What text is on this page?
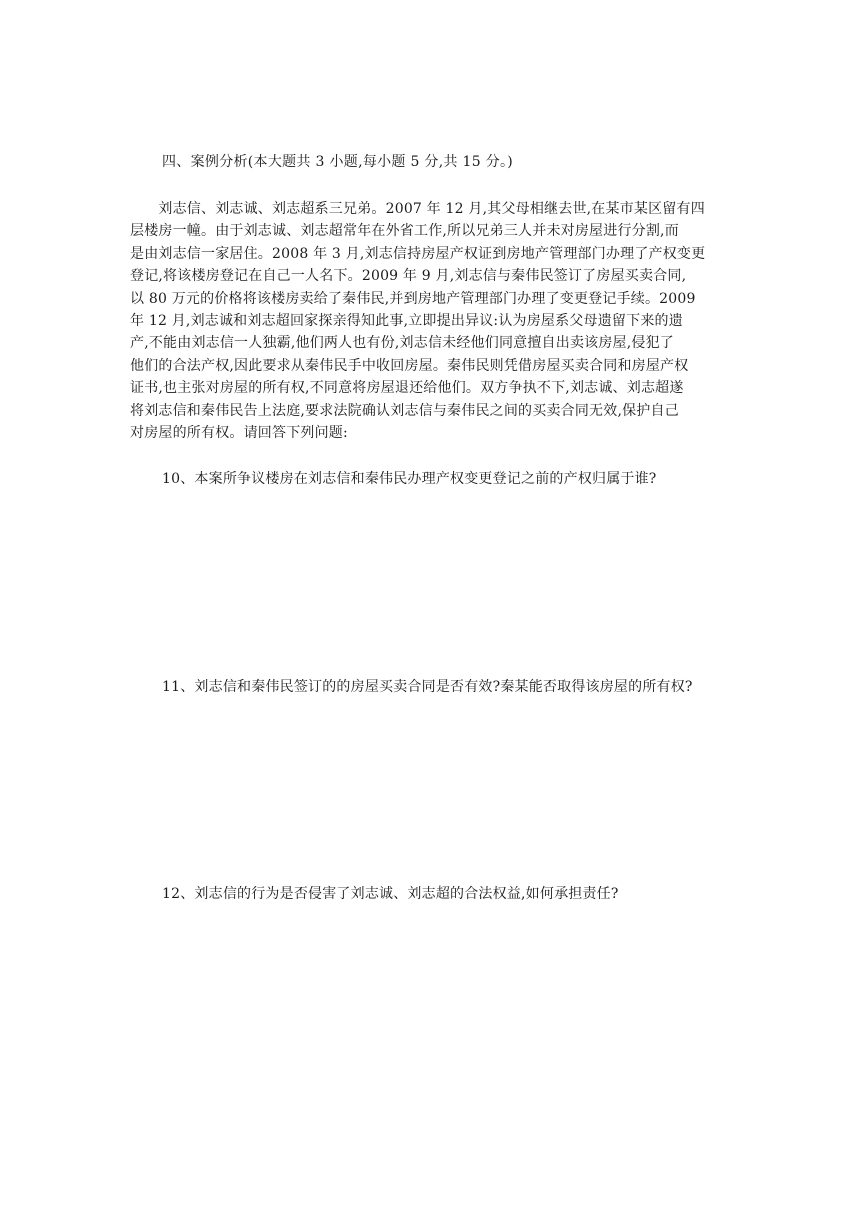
四、案例分析(本大题共 3 小题,每小题 5 分,共 15 分。)
　　刘志信、刘志诚、刘志超系三兄弟。2007 年 12 月,其父母相继去世,在某市某区留有四
层楼房一幢。由于刘志诚、刘志超常年在外省工作,所以兄弟三人并未对房屋进行分割,而
是由刘志信一家居住。2008 年 3 月,刘志信持房屋产权证到房地产管理部门办理了产权变更
登记,将该楼房登记在自己一人名下。2009 年 9 月,刘志信与秦伟民签订了房屋买卖合同,
以 80 万元的价格将该楼房卖给了秦伟民,并到房地产管理部门办理了变更登记手续。2009
年 12 月,刘志诚和刘志超回家探亲得知此事,立即提出异议:认为房屋系父母遗留下来的遗
产,不能由刘志信一人独霸,他们两人也有份,刘志信未经他们同意擅自出卖该房屋,侵犯了
他们的合法产权,因此要求从秦伟民手中收回房屋。秦伟民则凭借房屋买卖合同和房屋产权
证书,也主张对房屋的所有权,不同意将房屋退还给他们。双方争执不下,刘志诚、刘志超遂
将刘志信和秦伟民告上法庭,要求法院确认刘志信与秦伟民之间的买卖合同无效,保护自己
对房屋的所有权。请回答下列问题:
10、本案所争议楼房在刘志信和秦伟民办理产权变更登记之前的产权归属于谁?
11、刘志信和秦伟民签订的的房屋买卖合同是否有效?秦某能否取得该房屋的所有权?
12、刘志信的行为是否侵害了刘志诚、刘志超的合法权益,如何承担责任?
